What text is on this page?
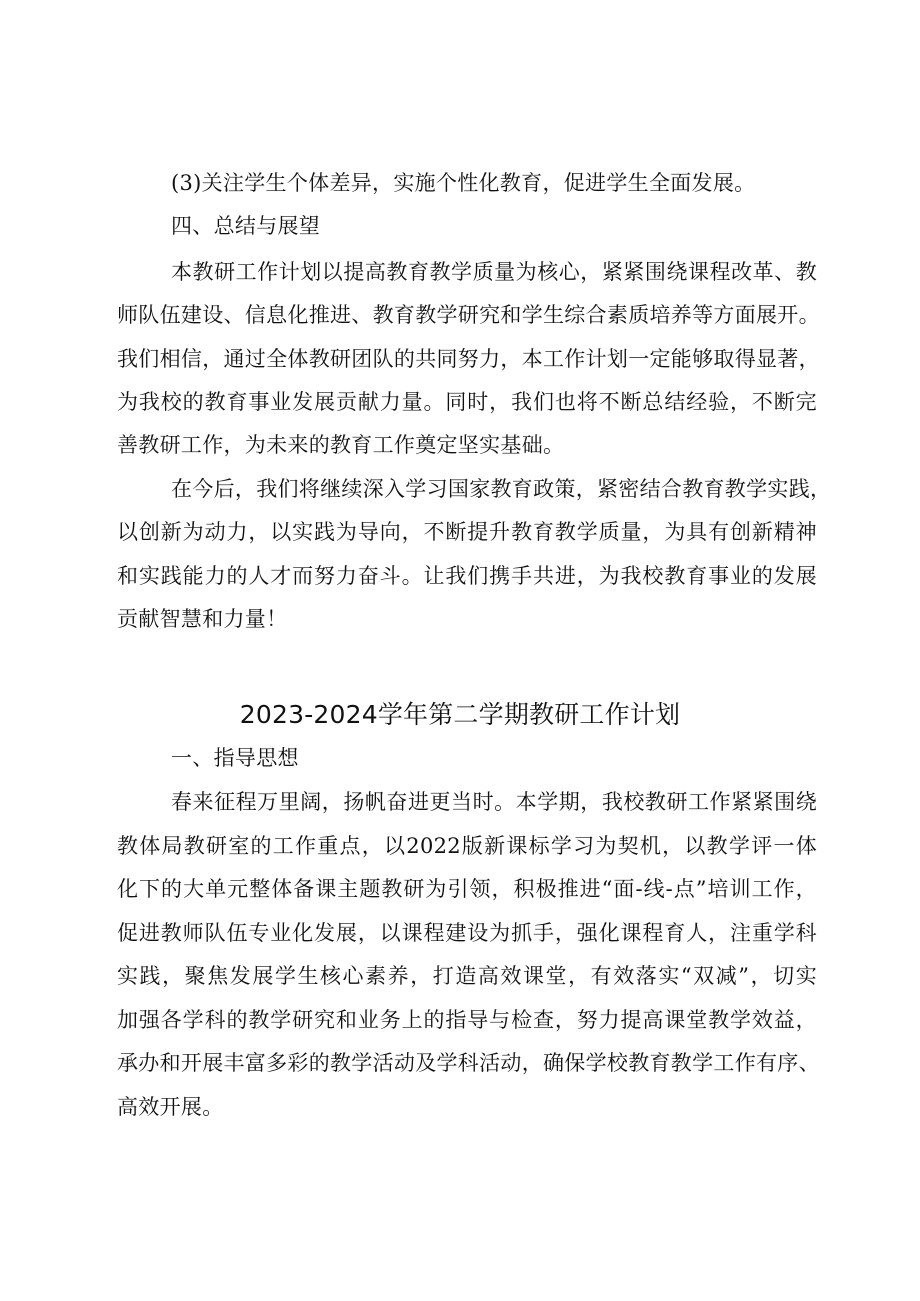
(3)关注学生个体差异，实施个性化教育，促进学生全面发展。
四、总结与展望
本教研工作计划以提高教育教学质量为核心，紧紧围绕课程改革、教
师队伍建设、信息化推进、教育教学研究和学生综合素质培养等方面展开。
我们相信，通过全体教研团队的共同努力，本工作计划一定能够取得显著，
为我校的教育事业发展贡献力量。同时，我们也将不断总结经验，不断完
善教研工作，为未来的教育工作奠定坚实基础。
在今后，我们将继续深入学习国家教育政策，紧密结合教育教学实践，
以创新为动力，以实践为导向，不断提升教育教学质量，为具有创新精神
和实践能力的人才而努力奋斗。让我们携手共进，为我校教育事业的发展
贡献智慧和力量！
2023-2024学年第二学期教研工作计划
一、指导思想
春来征程万里阔，扬帆奋进更当时。本学期，我校教研工作紧紧围绕
教体局教研室的工作重点，以2022版新课标学习为契机，以教学评一体
化下的大单元整体备课主题教研为引领，积极推进“面-线-点”培训工作，
促进教师队伍专业化发展，以课程建设为抓手，强化课程育人，注重学科
实践，聚焦发展学生核心素养，打造高效课堂，有效落实“双减”，切实
加强各学科的教学研究和业务上的指导与检查，努力提高课堂教学效益，
承办和开展丰富多彩的教学活动及学科活动，确保学校教育教学工作有序、
高效开展。
